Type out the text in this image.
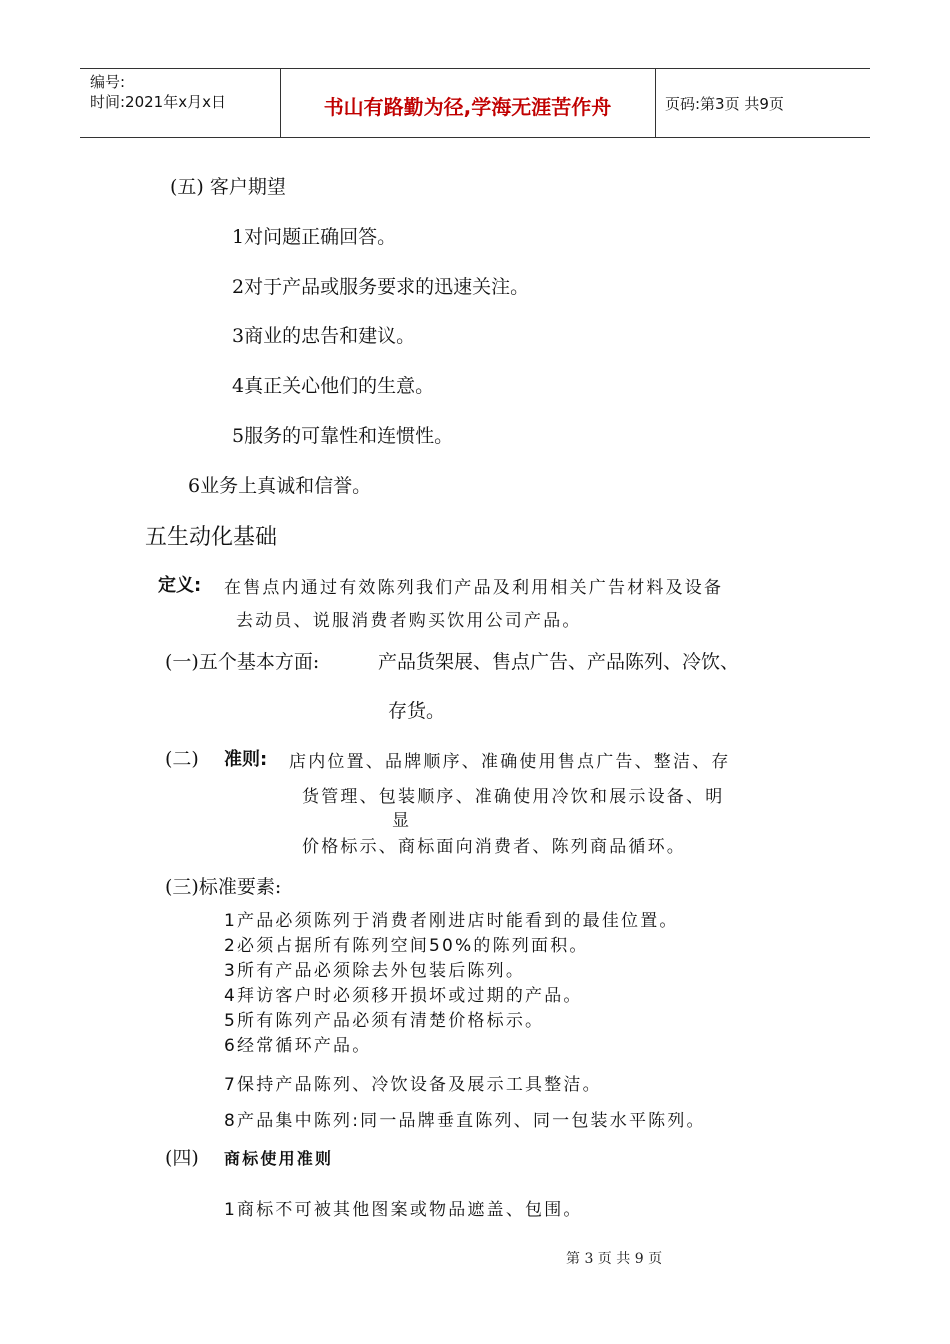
编号:
时间:2021年x月x日	书山有路勤为径,学海无涯苦作舟	页码:第3页 共9页
(五) 客户期望
1对问题正确回答。
2对于产品或服务要求的迅速关注。
3商业的忠告和建议。
4真正关心他们的生意。
5服务的可靠性和连惯性。
6业务上真诚和信誉。
五生动化基础
定义: 在售点内通过有效陈列我们产品及利用相关广告材料及设备
去动员、说服消费者购买饮用公司产品。
(一)五个基本方面:	产品货架展、售点广告、产品陈列、冷饮、
存货。
(二) 准则: 店内位置、品牌顺序、准确使用售点广告、整洁、存
货管理、包装顺序、准确使用冷饮和展示设备、明
显
价格标示、商标面向消费者、陈列商品循环。
(三)标准要素:
1产品必须陈列于消费者刚进店时能看到的最佳位置。
2必须占据所有陈列空间50%的陈列面积。
3所有产品必须除去外包装后陈列。
4拜访客户时必须移开损坏或过期的产品。
5所有陈列产品必须有清楚价格标示。
6经常循环产品。
7保持产品陈列、冷饮设备及展示工具整洁。
8产品集中陈列:同一品牌垂直陈列、同一包装水平陈列。
(四) 商标使用准则
1商标不可被其他图案或物品遮盖、包围。
第 3 页 共 9 页
